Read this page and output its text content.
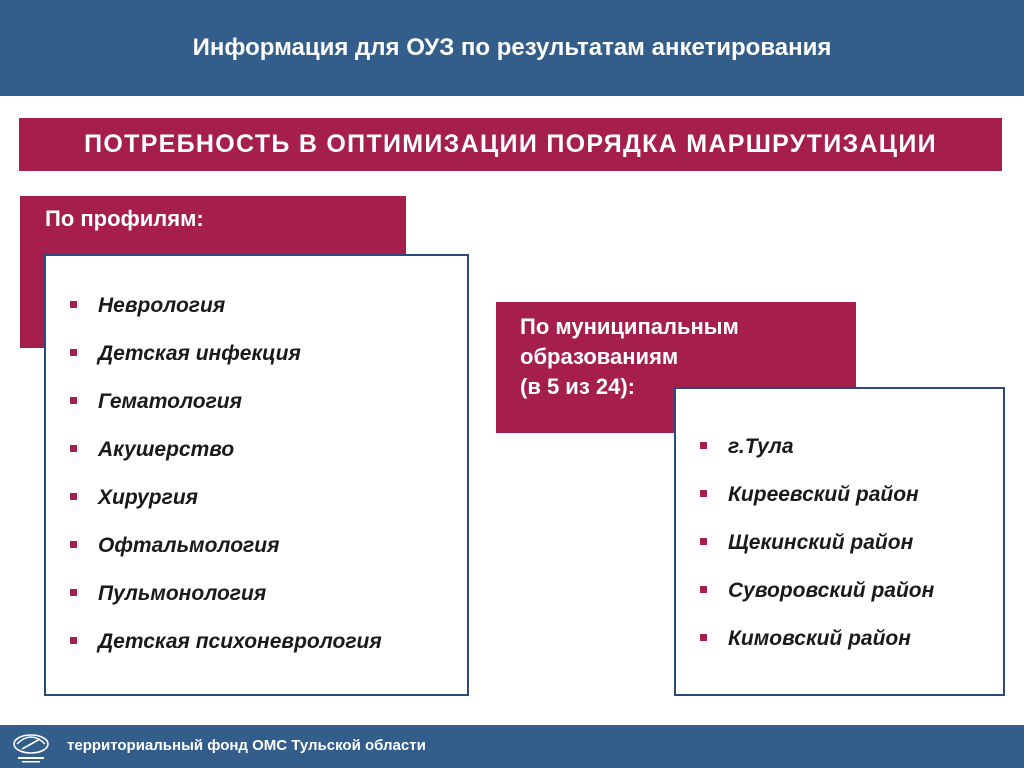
Информация для ОУЗ по результатам анкетирования
ПОТРЕБНОСТЬ В ОПТИМИЗАЦИИ ПОРЯДКА МАРШРУТИЗАЦИИ
По профилям:
Неврология
Детская инфекция
Гематология
Акушерство
Хирургия
Офтальмология
Пульмонология
Детская психоневрология
По муниципальным
образованиям
(в 5 из 24):
г.Тула
Киреевский район
Щекинский район
Суворовский район
Кимовский район
территориальный фонд ОМС Тульской области
